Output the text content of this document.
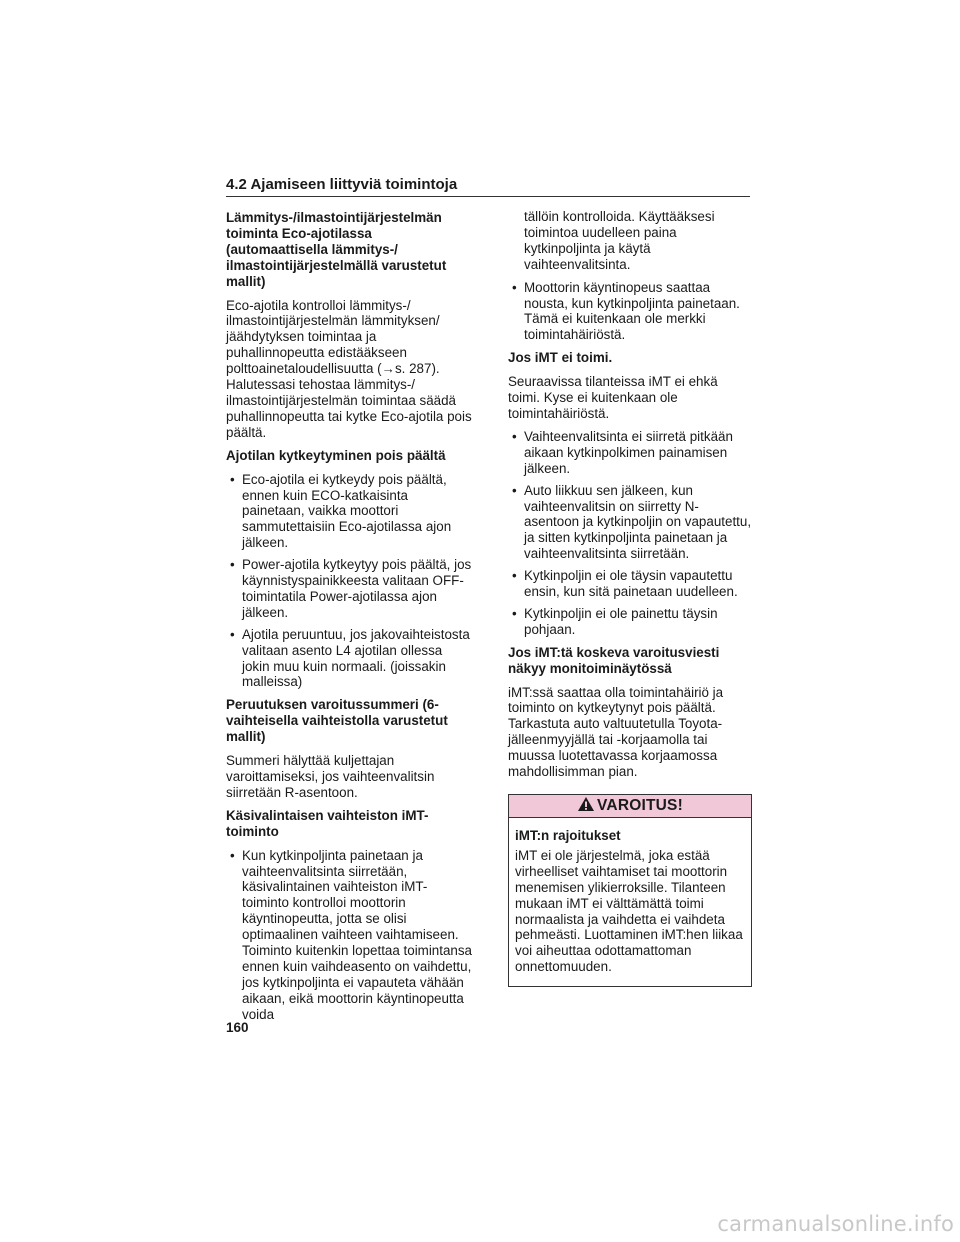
4.2 Ajamiseen liittyviä toimintoja
Lämmitys-/ilmastointijärjestelmän toiminta Eco-ajotilassa (automaattisella lämmitys-/ ilmastointijärjestelmällä varustetut mallit)

Eco-ajotila kontrolloi lämmitys-/ ilmastointijärjestelmän lämmityksen/ jäähdytyksen toimintaa ja puhallinnopeutta edistääkseen polttoainetaloudellisuutta (→s. 287). Halutessasi tehostaa lämmitys-/ ilmastointijärjestelmän toimintaa säädä puhallinnopeutta tai kytke Eco-ajotila pois päältä.

Ajotilan kytkeytyminen pois päältä
• Eco-ajotila ei kytkeydy pois päältä, ennen kuin ECO-katkaisinta painetaan, vaikka moottori sammutettaisiin Eco-ajotilassa ajon jälkeen.
• Power-ajotila kytkeytyy pois päältä, jos käynnistyspainikkeesta valitaan OFF-toimintatila Power-ajotilassa ajon jälkeen.
• Ajotila peruuntuu, jos jakovaihteistosta valitaan asento L4 ajotilan ollessa jokin muu kuin normaali. (joissakin malleissa)
Peruutuksen varoitussummeri (6-vaihteisella vaihteistolla varustetut mallit)

Summeri hälyttää kuljettajan varoittamiseksi, jos vaihteenvalitsin siirretään R-asentoon.

Käsivalintaisen vaihteiston iMT-toiminto
• Kun kytkinpoljinta painetaan ja vaihteenvalitsinta siirretään, käsivalintainen vaihteiston iMT-toiminto kontrolloi moottorin käyntinopeutta, jotta se olisi optimaalinen vaihteen vaihtamiseen. Toiminto kuitenkin lopettaa toimintansa ennen kuin vaihdeasento on vaihdettu, jos kytkinpoljinta ei vapauteta vähään aikaan, eikä moottorin käyntinopeutta voida

tällöin kontrolloida. Käyttääksesi toimintoa uudelleen paina kytkinpoljinta ja käytä vaihteenvalitsinta.

• Moottorin käyntinopeus saattaa nousta, kun kytkinpoljinta painetaan. Tämä ei kuitenkaan ole merkki toimintahäiriöstä.
Jos iMT ei toimi.

Seuraavissa tilanteissa iMT ei ehkä toimi. Kyse ei kuitenkaan ole toimintahäiriöstä.

• Vaihteenvalitsinta ei siirretä pitkään aikaan kytkinpolkimen painamisen jälkeen.
• Auto liikkuu sen jälkeen, kun vaihteenvalitsin on siirretty N-asentoon ja kytkinpoljin on vapautettu, ja sitten kytkinpoljinta painetaan ja vaihteenvalitsinta siirretään.
• Kytkinpoljin ei ole täysin vapautettu ensin, kun sitä painetaan uudelleen.
• Kytkinpoljin ei ole painettu täysin pohjaan.
Jos iMT:tä koskeva varoitusviesti näkyy monitoiminäytössä

iMT:ssä saattaa olla toimintahäiriö ja toiminto on kytkeytynyt pois päältä. Tarkastuta auto valtuutetulla Toyota-jälleenmyyjällä tai -korjaamolla tai muussa luotettavassa korjaamossa mahdollisimman pian.

VAROITUS!
iMT:n rajoitukset

iMT ei ole järjestelmä, joka estää virheelliset vaihtamiset tai moottorin menemisen ylikierroksille. Tilanteen mukaan iMT ei välttämättä toimi normaalista ja vaihdetta ei vaihdeta pehmeästi. Luottaminen iMT:hen liikaa voi aiheuttaa odottamattoman onnettomuuden.

160
carmanualsonline.info
